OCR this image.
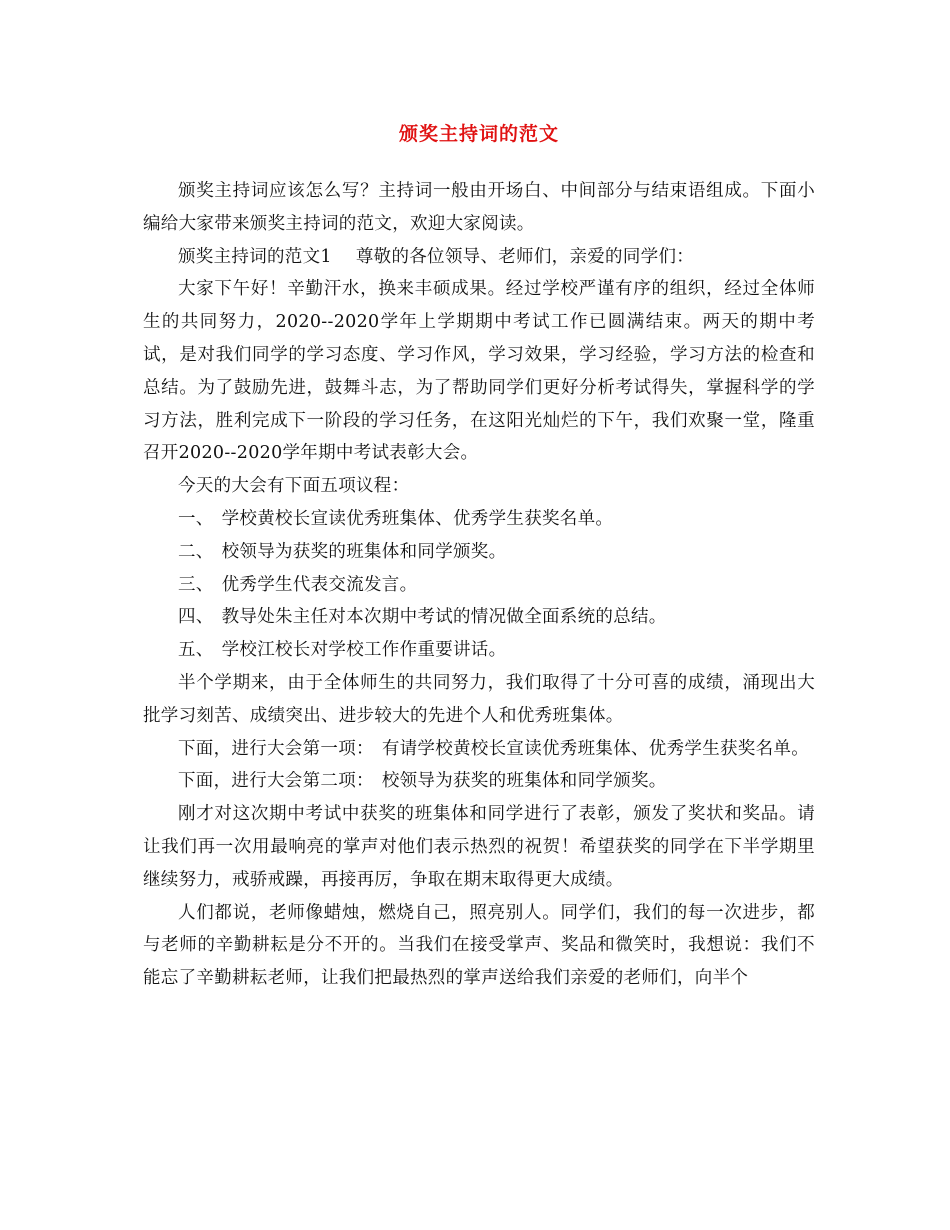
颁奖主持词的范文

颁奖主持词应该怎么写？主持词一般由开场白、中间部分与结束语组成。下面小编给大家带来颁奖主持词的范文，欢迎大家阅读。

颁奖主持词的范文1 尊敬的各位领导、老师们，亲爱的同学们：

大家下午好！辛勤汗水，换来丰硕成果。经过学校严谨有序的组织，经过全体师生的共同努力，2020--2020学年上学期期中考试工作已圆满结束。两天的期中考试，是对我们同学的学习态度、学习作风，学习效果，学习经验，学习方法的检查和总结。为了鼓励先进，鼓舞斗志，为了帮助同学们更好分析考试得失，掌握科学的学习方法，胜利完成下一阶段的学习任务，在这阳光灿烂的下午，我们欢聚一堂，隆重召开2020--2020学年期中考试表彰大会。

今天的大会有下面五项议程：

一、 学校黄校长宣读优秀班集体、优秀学生获奖名单。

二、 校领导为获奖的班集体和同学颁奖。

三、 优秀学生代表交流发言。

四、 教导处朱主任对本次期中考试的情况做全面系统的总结。

五、 学校江校长对学校工作作重要讲话。

半个学期来，由于全体师生的共同努力，我们取得了十分可喜的成绩，涌现出大批学习刻苦、成绩突出、进步较大的先进个人和优秀班集体。

下面，进行大会第一项： 有请学校黄校长宣读优秀班集体、优秀学生获奖名单。

下面，进行大会第二项： 校领导为获奖的班集体和同学颁奖。

刚才对这次期中考试中获奖的班集体和同学进行了表彰，颁发了奖状和奖品。请让我们再一次用最响亮的掌声对他们表示热烈的祝贺！希望获奖的同学在下半学期里继续努力，戒骄戒躁，再接再厉，争取在期末取得更大成绩。

人们都说，老师像蜡烛，燃烧自己，照亮别人。同学们，我们的每一次进步，都与老师的辛勤耕耘是分不开的。当我们在接受掌声、奖品和微笑时，我想说：我们不能忘了辛勤耕耘老师，让我们把最热烈的掌声送给我们亲爱的老师们，向半个
